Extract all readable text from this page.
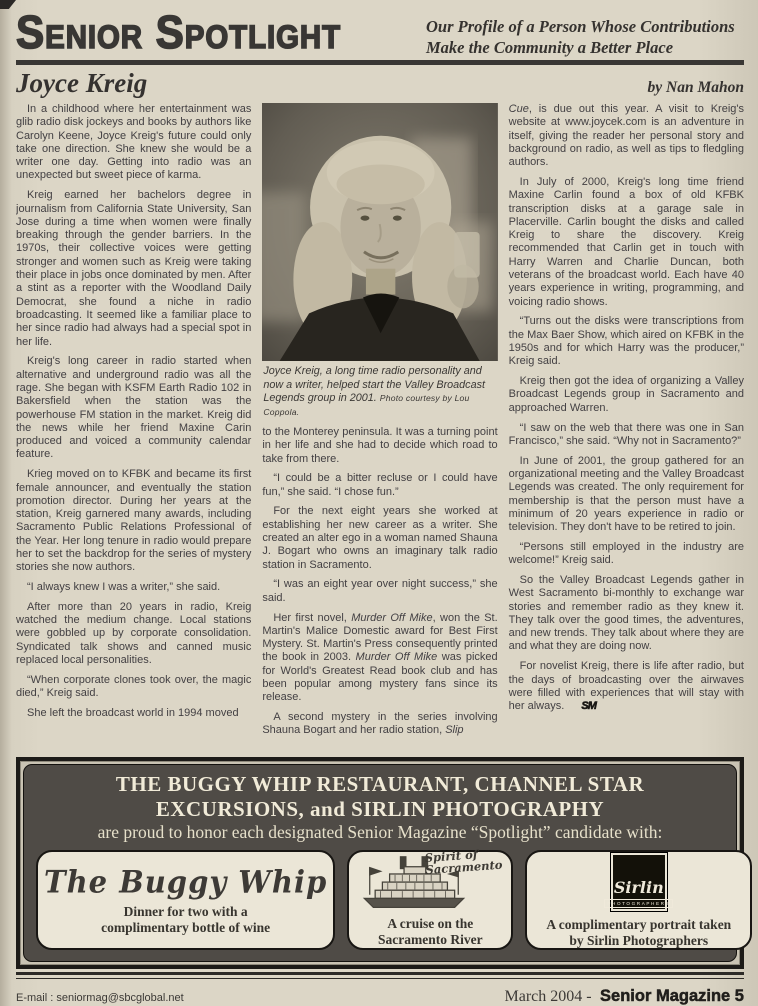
Senior Spotlight	Our Profile of a Person Whose Contributions
Make the Community a Better Place
Joyce Kreig	by Nan Mahon

In a childhood where her entertainment was glib radio disk jockeys and books by authors like Carolyn Keene, Joyce Kreig's future could only take one direction. She knew she would be a writer one day. Getting into radio was an unexpected but sweet piece of karma.

Kreig earned her bachelors degree in journalism from California State University, San Jose during a time when women were finally breaking through the gender barriers. In the 1970s, their collective voices were getting stronger and women such as Kreig were taking their place in jobs once dominated by men. After a stint as a reporter with the Woodland Daily Democrat, she found a niche in radio broadcasting. It seemed like a familiar place to her since radio had always had a special spot in her life.

Kreig's long career in radio started when alternative and underground radio was all the rage. She began with KSFM Earth Radio 102 in Bakersfield when the station was the powerhouse FM station in the market. Kreig did the news while her friend Maxine Carin produced and voiced a community calendar feature.

Krieg moved on to KFBK and became its first female announcer, and eventually the station promotion director. During her years at the station, Kreig garnered many awards, including Sacramento Public Relations Professional of the Year. Her long tenure in radio would prepare her to set the backdrop for the series of mystery stories she now authors.

“I always knew I was a writer,” she said.

After more than 20 years in radio, Kreig watched the medium change. Local stations were gobbled up by corporate consolidation. Syndicated talk shows and canned music replaced local personalities.

“When corporate clones took over, the magic died,” Kreig said.

She left the broadcast world in 1994 moved

Joyce Kreig, a long time radio personality and now a writer, helped start the Valley Broadcast Legends group in 2001. Photo courtesy by Lou Coppola.

to the Monterey peninsula. It was a turning point in her life and she had to decide which road to take from there.

“I could be a bitter recluse or I could have fun,” she said. “I chose fun.”

For the next eight years she worked at establishing her new career as a writer. She created an alter ego in a woman named Shauna J. Bogart who owns an imaginary talk radio station in Sacramento.

“I was an eight year over night success,” she said.

Her first novel, Murder Off Mike, won the St. Martin's Malice Domestic award for Best First Mystery. St. Martin's Press consequently printed the book in 2003. Murder Off Mike was picked for World's Greatest Read book club and has been popular among mystery fans since its release.

A second mystery in the series involving Shauna Bogart and her radio station, Slip

Cue, is due out this year. A visit to Kreig's website at www.joycek.com is an adventure in itself, giving the reader her personal story and background on radio, as well as tips to fledgling authors.

In July of 2000, Kreig's long time friend Maxine Carlin found a box of old KFBK transcription disks at a garage sale in Placerville. Carlin bought the disks and called Kreig to share the discovery. Kreig recommended that Carlin get in touch with Harry Warren and Charlie Duncan, both veterans of the broadcast world. Each have 40 years experience in writing, programming, and voicing radio shows.

“Turns out the disks were transcriptions from the Max Baer Show, which aired on KFBK in the 1950s and for which Harry was the producer,” Kreig said.

Kreig then got the idea of organizing a Valley Broadcast Legends group in Sacramento and approached Warren.

“I saw on the web that there was one in San Francisco,” she said. “Why not in Sacramento?”

In June of 2001, the group gathered for an organizational meeting and the Valley Broadcast Legends was created. The only requirement for membership is that the person must have a minimum of 20 years experience in radio or television. They don't have to be retired to join.

“Persons still employed in the industry are welcome!” Kreig said.

So the Valley Broadcast Legends gather in West Sacramento bi-monthly to exchange war stories and remember radio as they knew it. They talk over the good times, the adventures, and new trends. They talk about where they are and what they are doing now.

For novelist Kreig, there is life after radio, but the days of broadcasting over the airwaves were filled with experiences that will stay with her always. SM

THE BUGGY WHIP RESTAURANT, CHANNEL STAR
EXCURSIONS, and SIRLIN PHOTOGRAPHY
are proud to honor each designated Senior Magazine “Spotlight” candidate with:
The Buggy Whip
Dinner for two with a complimentary bottle of wine
Spirit of Sacramento
A cruise on the Sacramento River
Sirlin
PHOTOGRAPHERS
A complimentary portrait taken by Sirlin Photographers
E-mail : seniormag@sbcglobal.net	March 2004 - Senior Magazine 5
